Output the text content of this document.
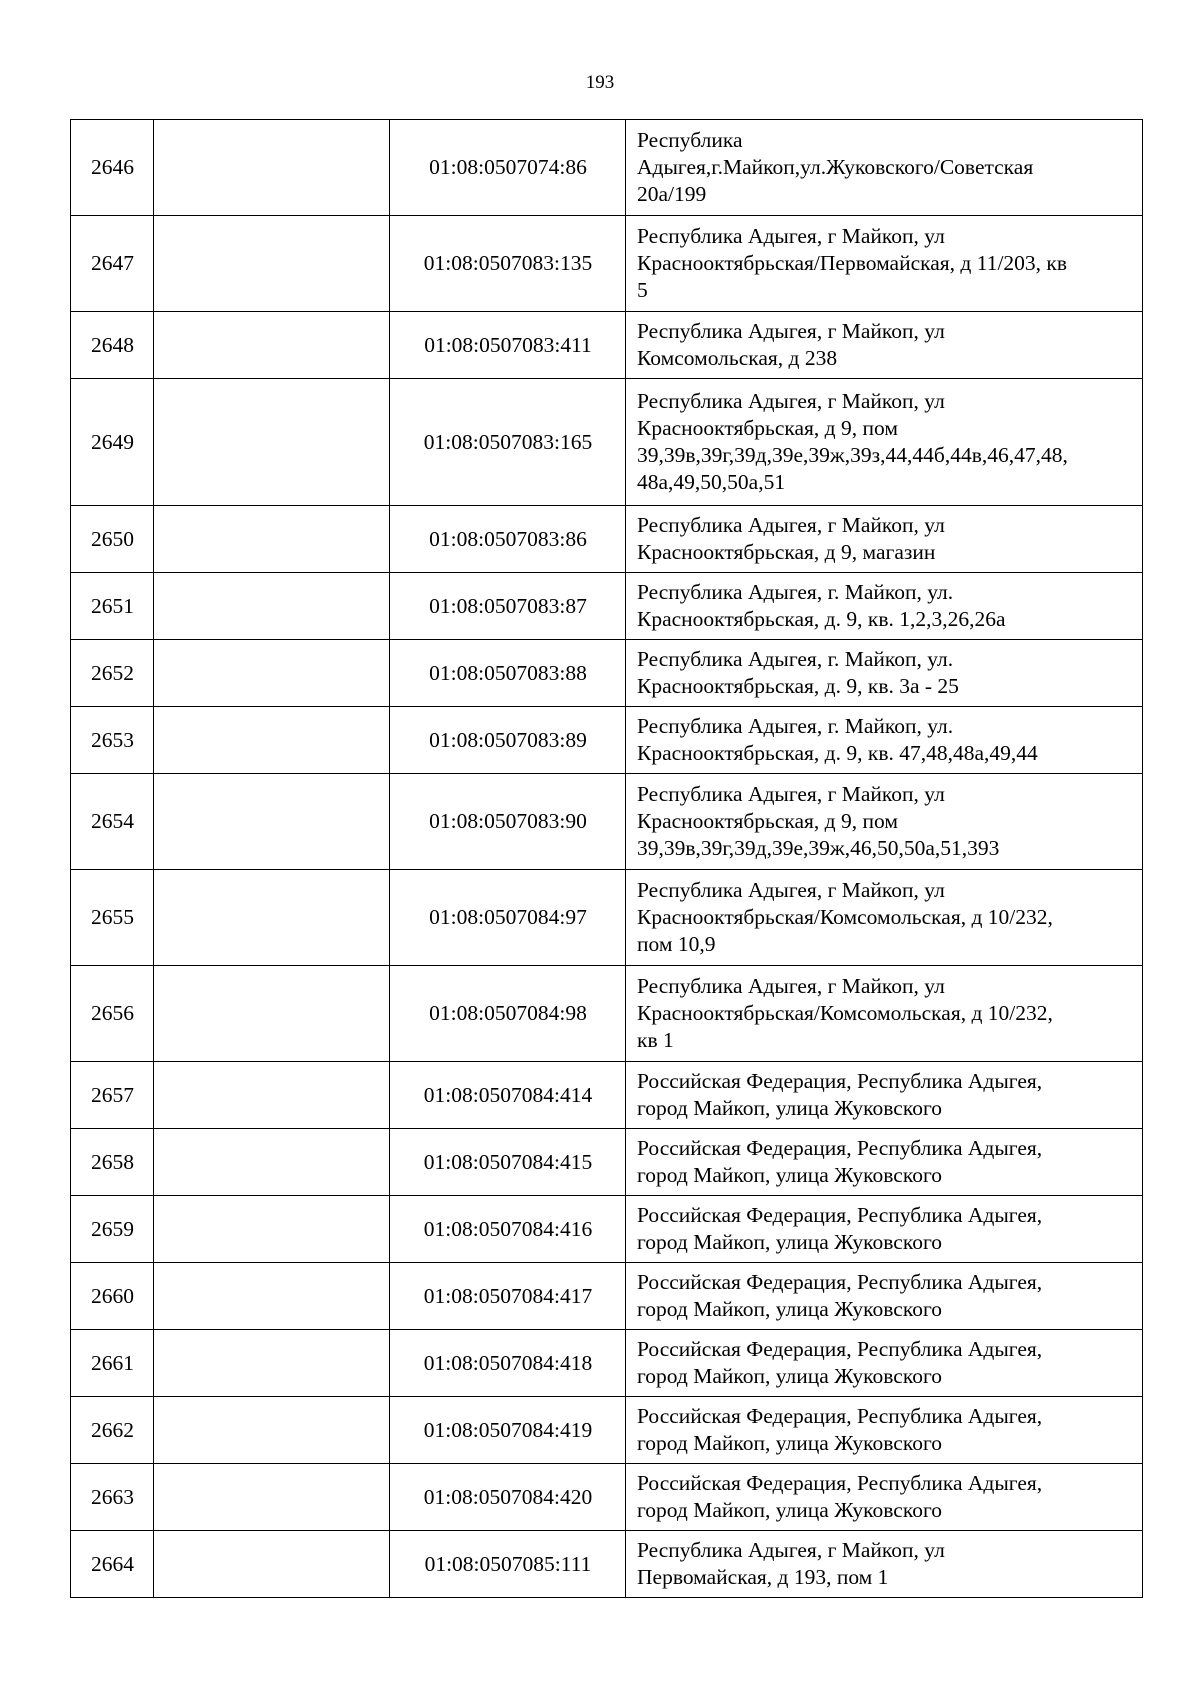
193
2646		01:08:0507074:86	Республика
Адыгея,г.Майкоп,ул.Жуковского/Советская
20а/199
2647		01:08:0507083:135	Республика Адыгея, г Майкоп, ул
Краснооктябрьская/Первомайская, д 11/203, кв
5
2648		01:08:0507083:411	Республика Адыгея, г Майкоп, ул
Комсомольская, д 238
2649		01:08:0507083:165	Республика Адыгея, г Майкоп, ул
Краснооктябрьская, д 9, пом
39,39в,39г,39д,39е,39ж,39з,44,44б,44в,46,47,48,
48а,49,50,50а,51
2650		01:08:0507083:86	Республика Адыгея, г Майкоп, ул
Краснооктябрьская, д 9, магазин
2651		01:08:0507083:87	Республика Адыгея, г. Майкоп, ул.
Краснооктябрьская, д. 9, кв. 1,2,3,26,26а
2652		01:08:0507083:88	Республика Адыгея, г. Майкоп, ул.
Краснооктябрьская, д. 9, кв. 3а - 25
2653		01:08:0507083:89	Республика Адыгея, г. Майкоп, ул.
Краснооктябрьская, д. 9, кв. 47,48,48а,49,44
2654		01:08:0507083:90	Республика Адыгея, г Майкоп, ул
Краснооктябрьская, д 9, пом
39,39в,39г,39д,39е,39ж,46,50,50а,51,393
2655		01:08:0507084:97	Республика Адыгея, г Майкоп, ул
Краснооктябрьская/Комсомольская, д 10/232,
пом 10,9
2656		01:08:0507084:98	Республика Адыгея, г Майкоп, ул
Краснооктябрьская/Комсомольская, д 10/232,
кв 1
2657		01:08:0507084:414	Российская Федерация, Республика Адыгея,
город Майкоп, улица Жуковского
2658		01:08:0507084:415	Российская Федерация, Республика Адыгея,
город Майкоп, улица Жуковского
2659		01:08:0507084:416	Российская Федерация, Республика Адыгея,
город Майкоп, улица Жуковского
2660		01:08:0507084:417	Российская Федерация, Республика Адыгея,
город Майкоп, улица Жуковского
2661		01:08:0507084:418	Российская Федерация, Республика Адыгея,
город Майкоп, улица Жуковского
2662		01:08:0507084:419	Российская Федерация, Республика Адыгея,
город Майкоп, улица Жуковского
2663		01:08:0507084:420	Российская Федерация, Республика Адыгея,
город Майкоп, улица Жуковского
2664		01:08:0507085:111	Республика Адыгея, г Майкоп, ул
Первомайская, д 193, пом 1
